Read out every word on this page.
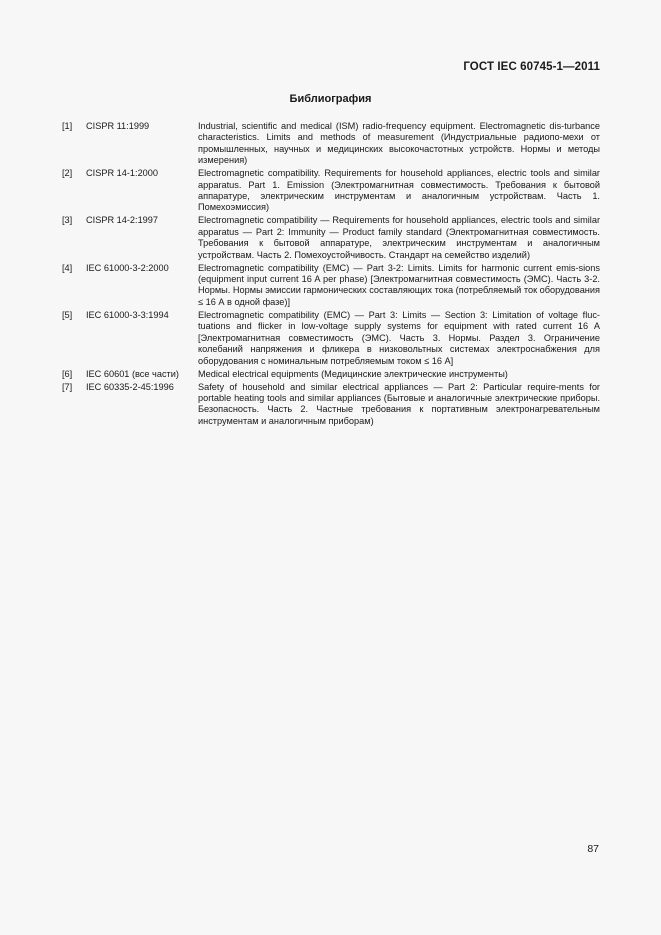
ГОСТ IEC 60745-1—2011
Библиография
[1]	CISPR 11:1999	Industrial, scientific and medical (ISM) radio-frequency equipment. Electromagnetic dis-turbance characteristics. Limits and methods of measurement (Индустриальные радиопо-мехи от промышленных, научных и медицинских высокочастотных устройств. Нормы и методы измерения)
[2]	CISPR 14-1:2000	Electromagnetic compatibility. Requirements for household appliances, electric tools and similar apparatus. Part 1. Emission (Электромагнитная совместимость. Требования к бытовой аппаратуре, электрическим инструментам и аналогичным устройствам. Часть 1. Помехоэмиссия)
[3]	CISPR 14-2:1997	Electromagnetic compatibility — Requirements for household appliances, electric tools and similar apparatus — Part 2: Immunity — Product family standard (Электромагнитная совместимость. Требования к бытовой аппаратуре, электрическим инструментам и аналогичным устройствам. Часть 2. Помехоустойчивость. Стандарт на семейство изделий)
[4]	IEC 61000-3-2:2000	Electromagnetic compatibility (EMC) — Part 3-2: Limits. Limits for harmonic current emis-sions (equipment input current 16 A per phase) [Электромагнитная совместимость (ЭМС). Часть 3-2. Нормы. Нормы эмиссии гармонических составляющих тока (потребляемый ток оборудования ≤ 16 А в одной фазе)]
[5]	IEC 61000-3-3:1994	Electromagnetic compatibility (EMC) — Part 3: Limits — Section 3: Limitation of voltage fluc-tuations and flicker in low-voltage supply systems for equipment with rated current 16 A [Электромагнитная совместимость (ЭМС). Часть 3. Нормы. Раздел 3. Ограничение колебаний напряжения и фликера в низковольтных системах электроснабжения для оборудования с номинальным потребляемым током ≤ 16 А]
[6]	IEC 60601 (все части)	Medical electrical equipments (Медицинские электрические инструменты)
[7]	IEC 60335-2-45:1996	Safety of household and similar electrical appliances — Part 2: Particular require-ments for portable heating tools and similar appliances (Бытовые и аналогичные электрические приборы. Безопасность. Часть 2. Частные требования к портативным электронагревательным инструментам и аналогичным приборам)
87
